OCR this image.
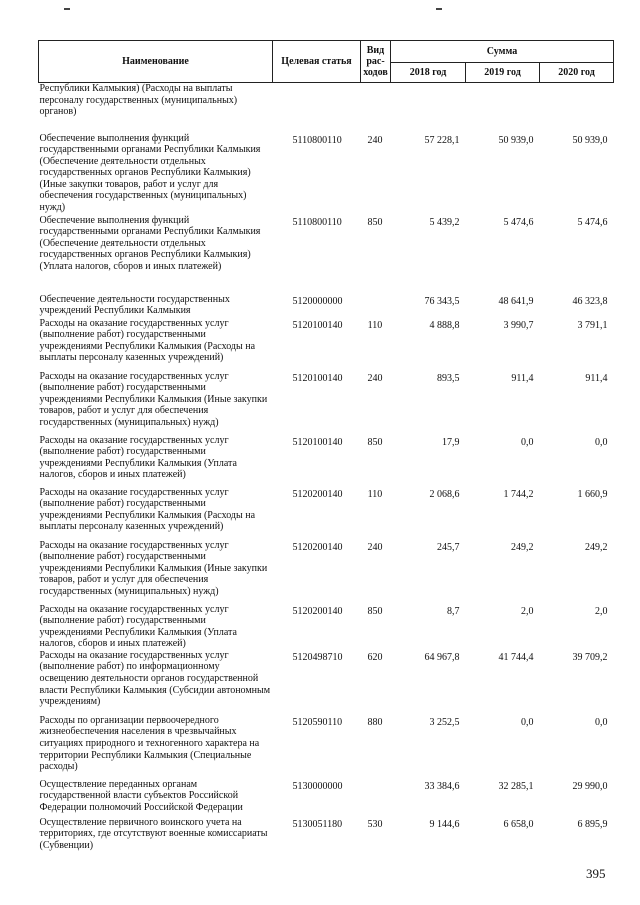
Наименование	Целевая статья	Вид рас-ходов	Сумма		
			2018 год	2019 год	2020 год
Республики Калмыкия) (Расходы на выплаты персоналу государственных (муниципальных) органов)					
Обеспечение выполнения функций государственными органами Республики Калмыкия (Обеспечение деятельности отдельных государственных органов Республики Калмыкия) (Иные закупки товаров, работ и услуг для обеспечения государственных (муниципальных) нужд)	5110800110	240	57 228,1	50 939,0	50 939,0
Обеспечение выполнения функций государственными органами Республики Калмыкия (Обеспечение деятельности отдельных государственных органов Республики Калмыкия) (Уплата налогов, сборов и иных платежей)	5110800110	850	5 439,2	5 474,6	5 474,6
Обеспечение деятельности государственных учреждений Республики Калмыкия	5120000000		76 343,5	48 641,9	46 323,8
Расходы на оказание государственных услуг (выполнение работ) государственными учреждениями Республики Калмыкия (Расходы на выплаты персоналу казенных учреждений)	5120100140	110	4 888,8	3 990,7	3 791,1
Расходы на оказание государственных услуг (выполнение работ) государственными учреждениями Республики Калмыкия (Иные закупки товаров, работ и услуг для обеспечения государственных (муниципальных) нужд)	5120100140	240	893,5	911,4	911,4
Расходы на оказание государственных услуг (выполнение работ) государственными учреждениями Республики Калмыкия (Уплата налогов, сборов и иных платежей)	5120100140	850	17,9	0,0	0,0
Расходы на оказание государственных услуг (выполнение работ) государственными учреждениями Республики Калмыкия (Расходы на выплаты персоналу казенных учреждений)	5120200140	110	2 068,6	1 744,2	1 660,9
Расходы на оказание государственных услуг (выполнение работ) государственными учреждениями Республики Калмыкия (Иные закупки товаров, работ и услуг для обеспечения государственных (муниципальных) нужд)	5120200140	240	245,7	249,2	249,2
Расходы на оказание государственных услуг (выполнение работ) государственными учреждениями Республики Калмыкия (Уплата налогов, сборов и иных платежей)	5120200140	850	8,7	2,0	2,0
Расходы на оказание государственных услуг (выполнение работ) по информационному освещению деятельности органов государственной власти Республики Калмыкия (Субсидии автономным учреждениям)	5120498710	620	64 967,8	41 744,4	39 709,2
Расходы по организации первоочередного жизнеобеспечения населения в чрезвычайных ситуациях природного и техногенного характера на территории Республики Калмыкия (Специальные расходы)	5120590110	880	3 252,5	0,0	0,0
Осуществление переданных органам государственной власти субъектов Российской Федерации полномочий Российской Федерации	5130000000		33 384,6	32 285,1	29 990,0
Осуществление первичного воинского учета на территориях, где отсутствуют военные комиссариаты (Субвенции)	5130051180	530	9 144,6	6 658,0	6 895,9
395
